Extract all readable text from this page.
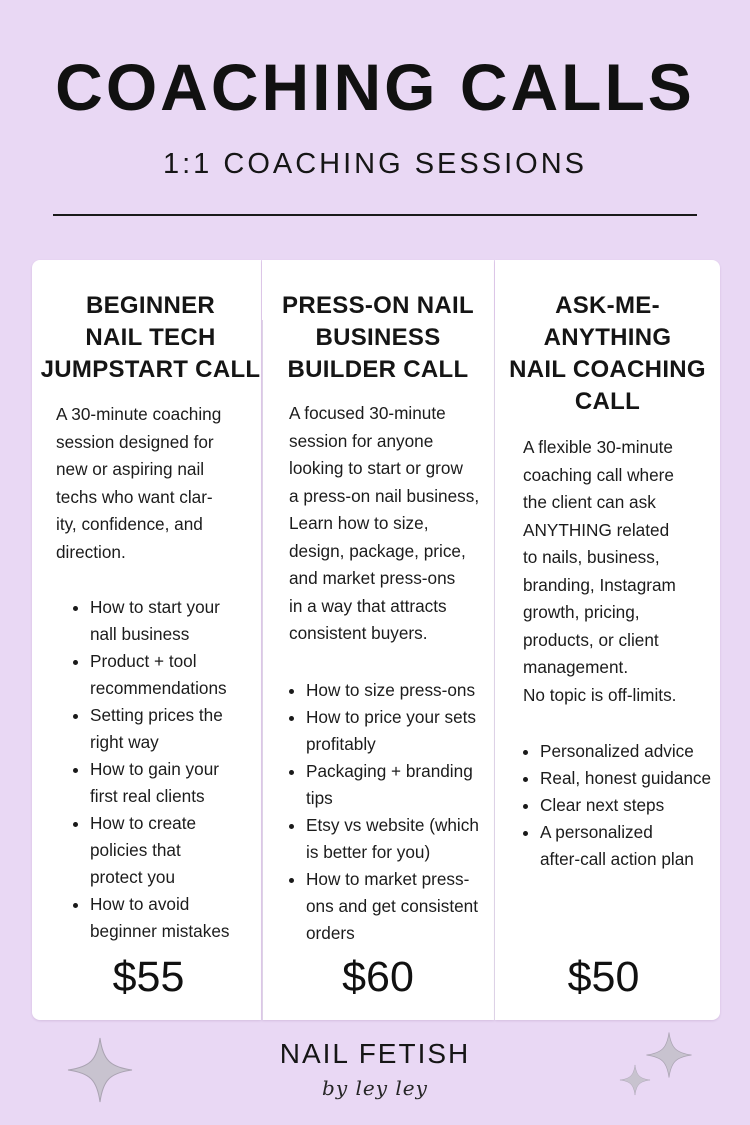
COACHING CALLS
1:1 COACHING SESSIONS
BEGINNER
NAIL TECH
JUMPSTART CALL
A 30-minute coaching
session designed for
new or aspiring nail
techs who want clar-
ity, confidence, and
direction.
How to start your
nall business
Product + tool
recommendations
Setting prices the
right way
How to gain your
first real clients
How to create
policies that
protect you
How to avoid
beginner mistakes
$55
PRESS-ON NAIL
BUSINESS
BUILDER CALL
A focused 30-minute
session for anyone
looking to start or grow
a press-on nail business,
Learn how to size,
design, package, price,
and market press-ons
in a way that attracts
consistent buyers.
How to size press-ons
How to price your sets
profitably
Packaging + branding
tips
Etsy vs website (which
is better for you)
How to market press-
ons and get consistent
orders
$60
ASK-ME-
ANYTHING
NAIL COACHING
CALL
A flexible 30-minute
coaching call where
the client can ask
ANYTHING related
to nails, business,
branding, Instagram
growth, pricing,
products, or client
management.
No topic is off-limits.
Personalized advice
Real, honest guidance
Clear next steps
A personalized
after-call action plan
$50
NAIL FETISH
by ley ley
